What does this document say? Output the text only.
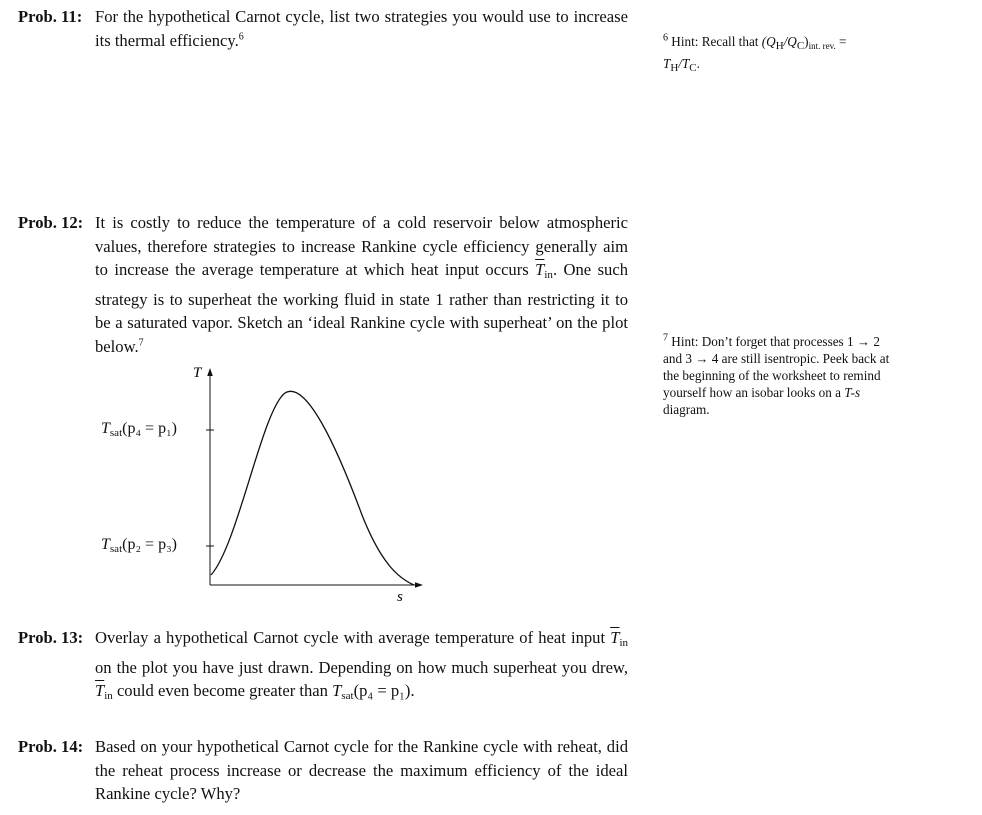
Prob. 11: For the hypothetical Carnot cycle, list two strategies you would use to increase its thermal efficiency.$^6$	$^6$ Hint: Recall that $(Q_H/Q_C)_{int. rev.}$ =
$T_H/T_C$.
Prob. 12: It is costly to reduce the temperature of a cold reservoir below atmospheric values, therefore strategies to increase Rankine cycle efficiency generally aim to increase the average temperature at which heat input occurs $\overline{T}_{in}$. One such strategy is to superheat the working fluid in state 1 rather than restricting it to be a saturated vapor. Sketch an ‘ideal Rankine cycle with superheat’ on the plot below.$^7$	$^7$ Hint: Don’t forget that processes 1 → 2 and 3 → 4 are still isentropic. Peek back at the beginning of the worksheet to remind yourself how an isobar looks on a T-s diagram.
T
s
$T_{sat}(p_4 = p_1)$
$T_{sat}(p_2 = p_3)$
Prob. 13: Overlay a hypothetical Carnot cycle with average temperature of heat input $\overline{T}_{in}$ on the plot you have just drawn. Depending on how much superheat you drew, $\overline{T}_{in}$ could even become greater than $T_{sat}(p_4 = p_1)$.
Prob. 14: Based on your hypothetical Carnot cycle for the Rankine cycle with reheat, did the reheat process increase or decrease the maximum efficiency of the ideal Rankine cycle? Why?
